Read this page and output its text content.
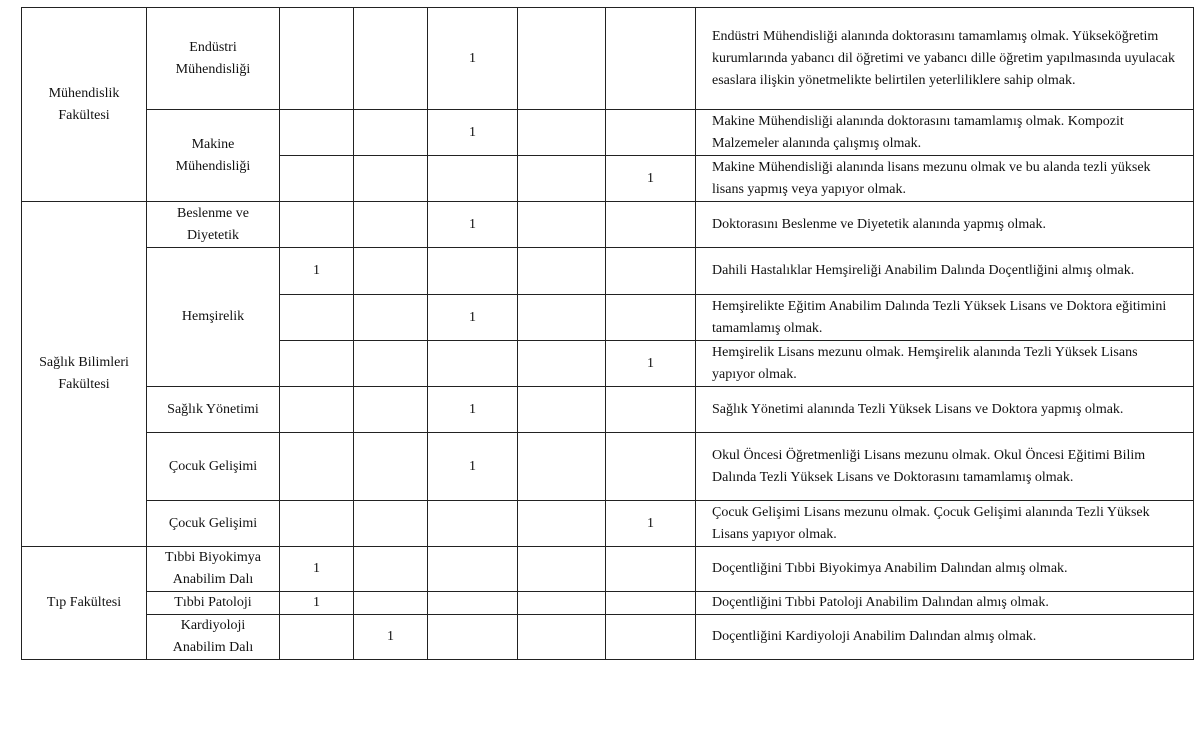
Mühendislik Fakültesi	Endüstri Mühendisliği			1			Endüstri Mühendisliği alanında doktorasını tamamlamış olmak. Yükseköğretim kurumlarında yabancı dil öğretimi ve yabancı dille öğretim yapılmasında uyulacak esaslara ilişkin yönetmelikte belirtilen yeterliliklere sahip olmak.
	Makine Mühendisliği			1			Makine Mühendisliği alanında doktorasını tamamlamış olmak. Kompozit Malzemeler alanında çalışmış olmak.
						1	Makine Mühendisliği alanında lisans mezunu olmak ve bu alanda tezli yüksek lisans yapmış veya yapıyor olmak.
Sağlık Bilimleri Fakültesi	Beslenme ve Diyetetik			1			Doktorasını Beslenme ve Diyetetik alanında yapmış olmak.
	Hemşirelik	1					Dahili Hastalıklar Hemşireliği Anabilim Dalında Doçentliğini almış olmak.
				1			Hemşirelikte Eğitim Anabilim Dalında Tezli Yüksek Lisans ve Doktora eğitimini tamamlamış olmak.
						1	Hemşirelik Lisans mezunu olmak. Hemşirelik alanında Tezli Yüksek Lisans yapıyor olmak.
	Sağlık Yönetimi			1			Sağlık Yönetimi alanında Tezli Yüksek Lisans ve Doktora yapmış olmak.
	Çocuk Gelişimi			1			Okul Öncesi Öğretmenliği Lisans mezunu olmak. Okul Öncesi Eğitimi Bilim Dalında Tezli Yüksek Lisans ve Doktorasını tamamlamış olmak.
	Çocuk Gelişimi					1	Çocuk Gelişimi Lisans mezunu olmak. Çocuk Gelişimi alanında Tezli Yüksek Lisans yapıyor olmak.
Tıp Fakültesi	Tıbbi Biyokimya Anabilim Dalı	1					Doçentliğini Tıbbi Biyokimya Anabilim Dalından almış olmak.
	Tıbbi Patoloji	1					Doçentliğini Tıbbi Patoloji Anabilim Dalından almış olmak.
	Kardiyoloji Anabilim Dalı		1				Doçentliğini Kardiyoloji Anabilim Dalından almış olmak.
